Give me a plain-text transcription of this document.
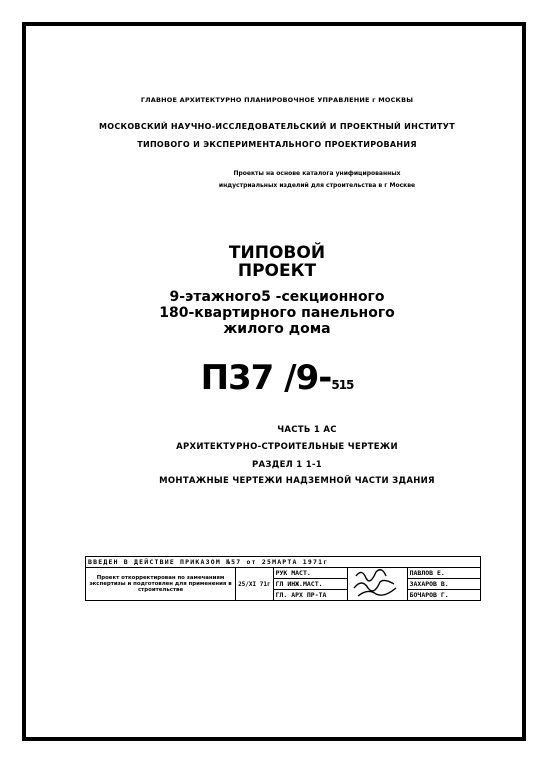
ГЛАВНОЕ АРХИТЕКТУРНО ПЛАНИРОВОЧНОЕ УПРАВЛЕНИЕ г МОСКВЫ
МОСКОВСКИЙ НАУЧНО-ИССЛЕДОВАТЕЛЬСКИЙ И ПРОЕКТНЫЙ ИНСТИТУТ
ТИПОВОГО И ЭКСПЕРИМЕНТАЛЬНОГО ПРОЕКТИРОВАНИЯ
Проекты на основе каталога унифицированных
индустриальных изделий для строительства в г Москве
ТИПОВОЙ
ПРОЕКТ
9-этажного5 -секционного
180-квартирного панельного
жилого дома
П37 /9-515
ЧАСТЬ 1 АС
АРХИТЕКТУРНО-СТРОИТЕЛЬНЫЕ ЧЕРТЕЖИ
РАЗДЕЛ 1 1-1
МОНТАЖНЫЕ ЧЕРТЕЖИ НАДЗЕМНОЙ ЧАСТИ ЗДАНИЯ
ВВЕДЕН В ДЕЙСТВИЕ ПРИКАЗОМ №57 от 25МАРТА 1971г				
Проект откорректирован по замечаниям экспертизы и подготовлен для применения в строительстве	25/XI 71г	РУК МАСТ.		ПАВЛОВ Е.
		ГЛ ИНЖ.МАСТ.		ЗАХАРОВ В.
		ГЛ. АРХ ПР-ТА		БОЧАРОВ Г.
